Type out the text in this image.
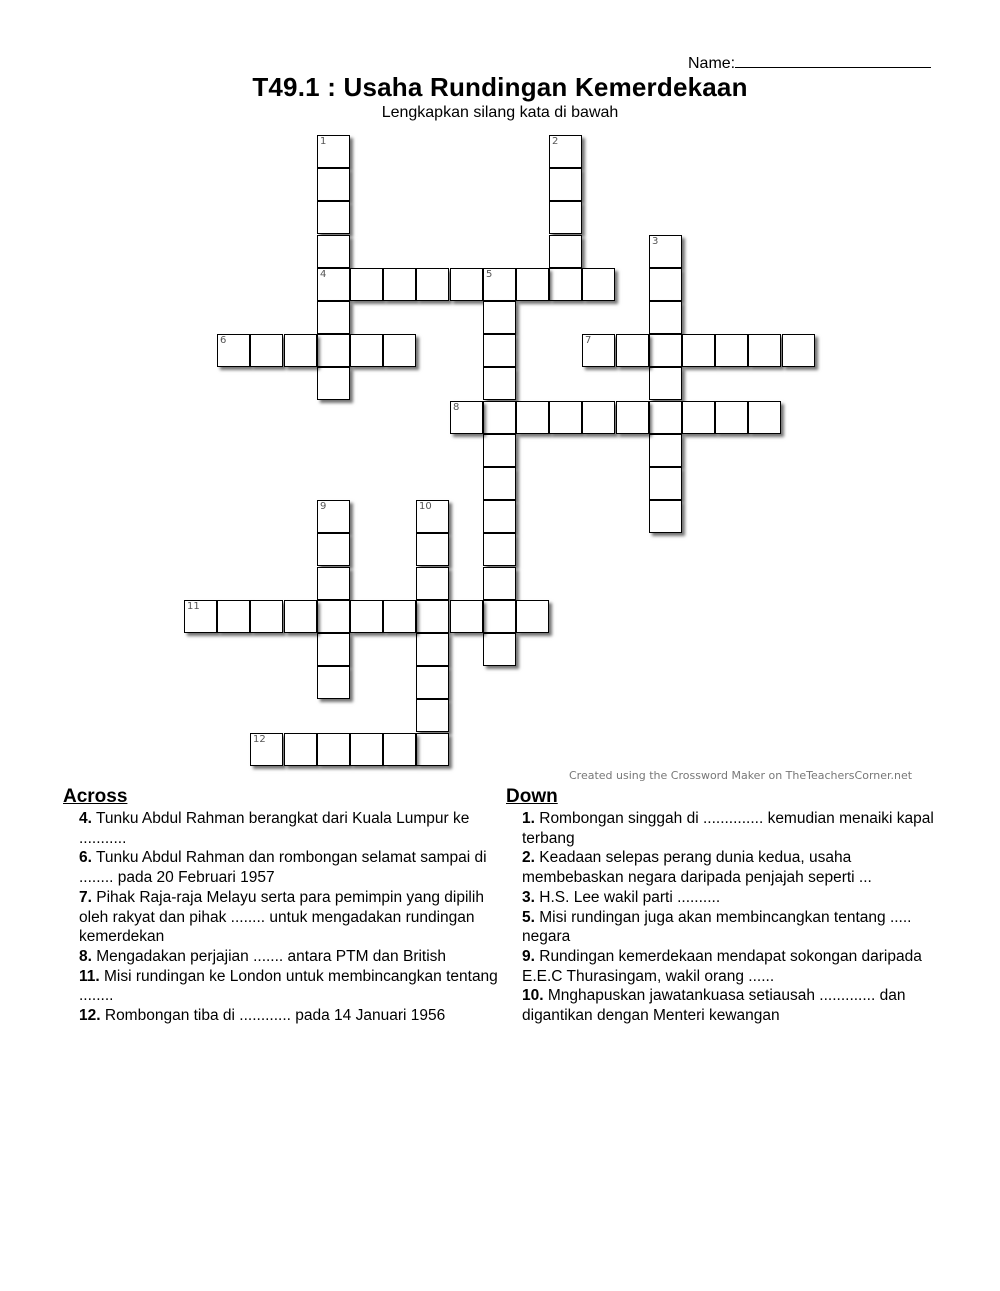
Name:
T49.1 : Usaha Rundingan Kemerdekaan
Lengkapkan silang kata di bawah
1
4
2
3
5
6	7
8
9	10
11
12
Created using the Crossword Maker on TheTeachersCorner.net
Across	Down

4. Tunku Abdul Rahman berangkat dari Kuala Lumpur ke ...........

6. Tunku Abdul Rahman dan rombongan selamat sampai di ........ pada 20 Februari 1957

7. Pihak Raja-raja Melayu serta para pemimpin yang dipilih oleh rakyat dan pihak ........ untuk mengadakan rundingan kemerdekan

8. Mengadakan perjajian ....... antara PTM dan British

11. Misi rundingan ke London untuk membincangkan tentang ........

12. Rombongan tiba di ............ pada 14 Januari 1956

1. Rombongan singgah di .............. kemudian menaiki kapal terbang

2. Keadaan selepas perang dunia kedua, usaha membebaskan negara daripada penjajah seperti ...

3. H.S. Lee wakil parti ..........

5. Misi rundingan juga akan membincangkan tentang ..... negara

9. Rundingan kemerdekaan mendapat sokongan daripada E.E.C Thurasingam, wakil orang ......

10. Mnghapuskan jawatankuasa setiausah ............. dan digantikan dengan Menteri kewangan
